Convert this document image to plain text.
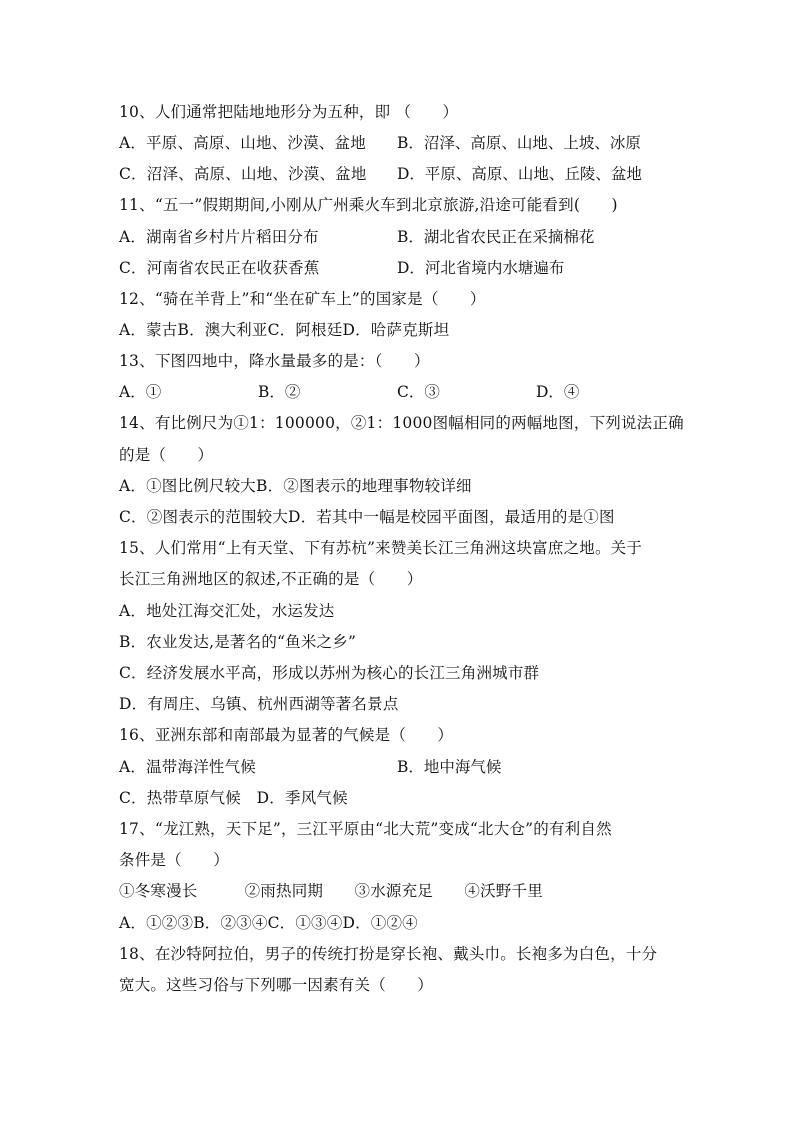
10、人们通常把陆地地形分为五种，即 （　　）
A．平原、高原、山地、沙漠、盆地 B．沼泽、高原、山地、上坡、冰原
C．沼泽、高原、山地、沙漠、盆地 D．平原、高原、山地、丘陵、盆地
11、“五一”假期期间,小刚从广州乘火车到北京旅游,沿途可能看到(　　)
A．湖南省乡村片片稻田分布	B．湖北省农民正在采摘棉花
C．河南省农民正在收获香蕉	D．河北省境内水塘遍布
12、“骑在羊背上”和“坐在矿车上”的国家是（　　）
A．蒙古B．澳大利亚C．阿根廷D．哈萨克斯坦
13、下图四地中，降水量最多的是：（　　）
A．①	B．②	C．③	D．④
14、有比例尺为①1：100000，②1：1000图幅相同的两幅地图，下列说法正确
的是（　　）
A．①图比例尺较大B．②图表示的地理事物较详细
C．②图表示的范围较大D．若其中一幅是校园平面图，最适用的是①图
15、人们常用“上有天堂、下有苏杭”来赞美长江三角洲这块富庶之地。关于
长江三角洲地区的叙述,不正确的是（　　）
A．地处江海交汇处，水运发达
B．农业发达,是著名的“鱼米之乡”
C．经济发展水平高，形成以苏州为核心的长江三角洲城市群
D．有周庄、乌镇、杭州西湖等著名景点
16、亚洲东部和南部最为显著的气候是（　　）
A．温带海洋性气候	B．地中海气候
C．热带草原气候　D．季风气候
17、“龙江熟，天下足”，三江平原由“北大荒”变成“北大仓”的有利自然
条件是（　　）
①冬寒漫长　　　②雨热同期　　③水源充足　　④沃野千里
A．①②③B．②③④C．①③④D．①②④
18、在沙特阿拉伯，男子的传统打扮是穿长袍、戴头巾。长袍多为白色，十分
宽大。这些习俗与下列哪一因素有关（　　）
